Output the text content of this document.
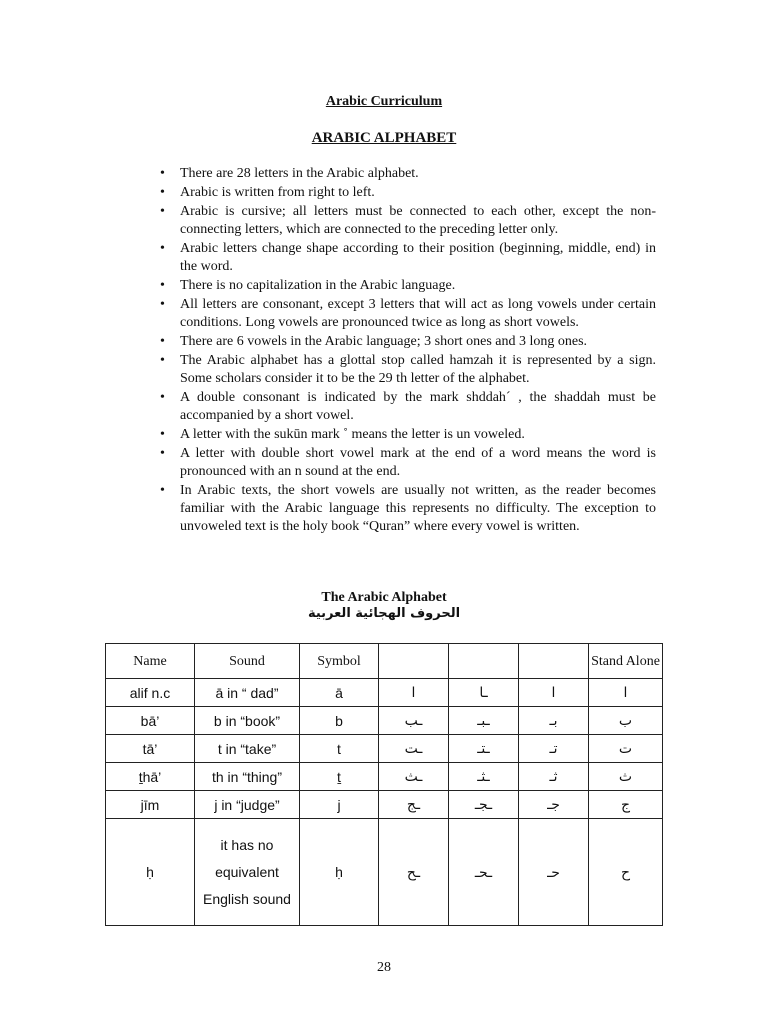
Arabic Curriculum
ARABIC ALPHABET
• There are 28 letters in the Arabic alphabet.
• Arabic is written from right to left.
• Arabic is cursive; all letters must be connected to each other, except the non-connecting letters, which are connected to the preceding letter only.
• Arabic letters change shape according to their position (beginning, middle, end) in the word.
• There is no capitalization in the Arabic language.
• All letters are consonant, except 3 letters that will act as long vowels under certain conditions. Long vowels are pronounced twice as long as short vowels.
• There are 6 vowels in the Arabic language; 3 short ones and 3 long ones.
• The Arabic alphabet has a glottal stop called hamzah it is represented by a sign. Some scholars consider it to be the 29 th letter of the alphabet.
• A double consonant is indicated by the mark shddah´ , the shaddah must be accompanied by a short vowel.
• A letter with the sukūn mark ˚ means the letter is un voweled.
• A letter with double short vowel mark at the end of a word means the word is pronounced with an n sound at the end.
• In Arabic texts, the short vowels are usually not written, as the reader becomes familiar with the Arabic language this represents no difficulty. The exception to unvoweled text is the holy book “Quran” where every vowel is written.
The Arabic Alphabet
الحروف الهجائية العربية
Name	Sound	Symbol				Stand Alone
alif n.c	ā in “ dad”	ā	ا	ـا	ا	ا
bā’	b in “book”	b	ـب	ـبـ	بـ	ب
tā’	t in “take”	t	ـت	ـتـ	تـ	ت
ṯhā’	th in “thing”	ṯ	ـث	ـثـ	ثـ	ث
jīm	j in “judge”	j	ـج	ـجـ	جـ	ج
ḥ	it has no equivalent English sound	ḥ	ـح	ـحـ	حـ	ح
28
